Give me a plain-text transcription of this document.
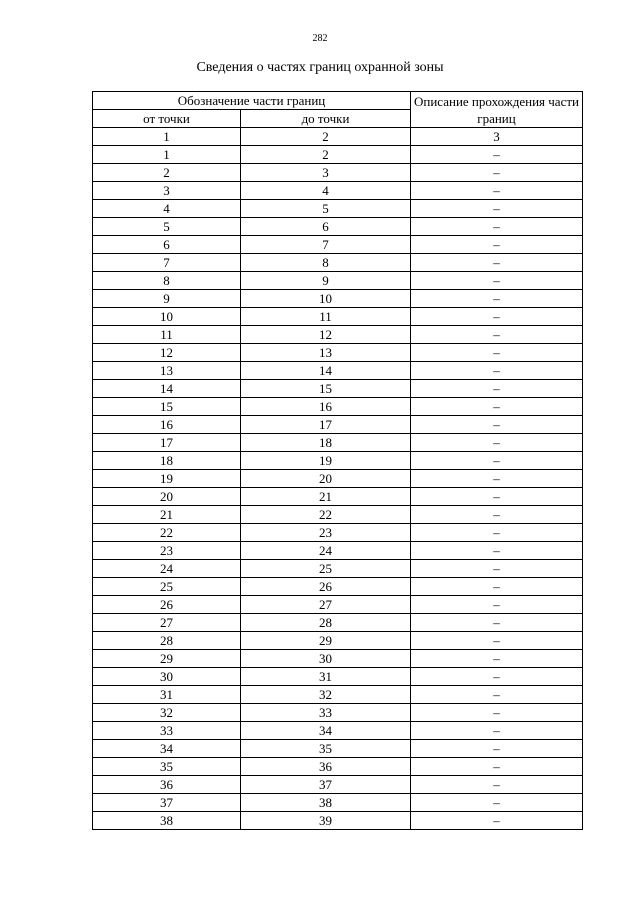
282
Сведения о частях границ охранной зоны
Обозначение части границ		Описание прохождения части границ
от точки	до точки	
1	2	3
1	2	–
2	3	–
3	4	–
4	5	–
5	6	–
6	7	–
7	8	–
8	9	–
9	10	–
10	11	–
11	12	–
12	13	–
13	14	–
14	15	–
15	16	–
16	17	–
17	18	–
18	19	–
19	20	–
20	21	–
21	22	–
22	23	–
23	24	–
24	25	–
25	26	–
26	27	–
27	28	–
28	29	–
29	30	–
30	31	–
31	32	–
32	33	–
33	34	–
34	35	–
35	36	–
36	37	–
37	38	–
38	39	–
